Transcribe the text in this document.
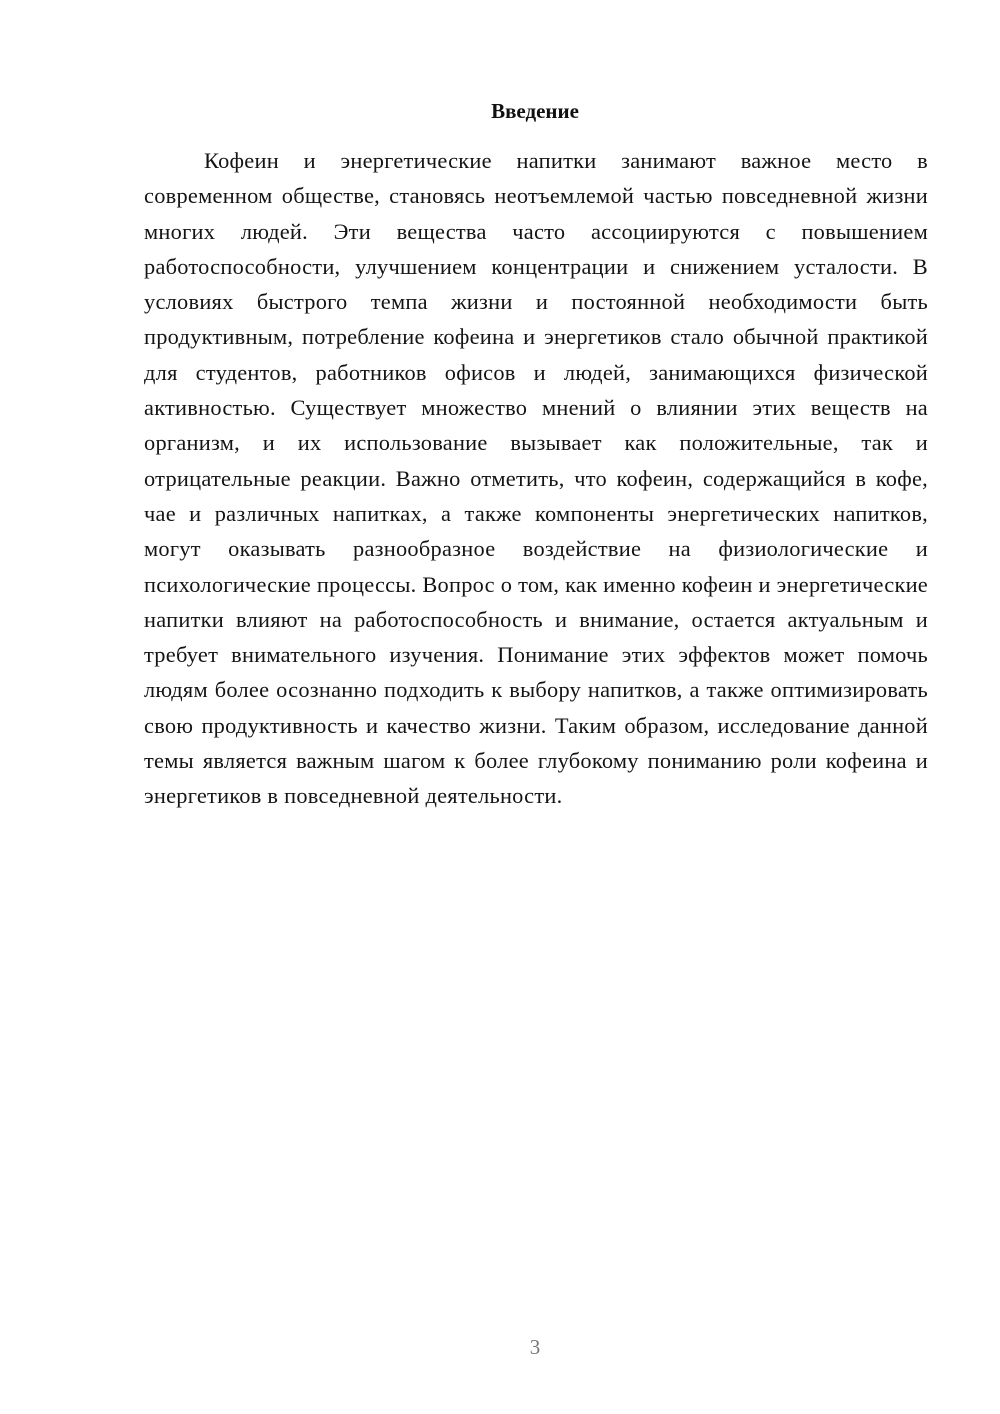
Введение

Кофеин и энергетические напитки занимают важное место в современном обществе, становясь неотъемлемой частью повседневной жизни многих людей. Эти вещества часто ассоциируются с повышением работоспособности, улучшением концентрации и снижением усталости. В условиях быстрого темпа жизни и постоянной необходимости быть продуктивным, потребление кофеина и энергетиков стало обычной практикой для студентов, работников офисов и людей, занимающихся физической активностью. Существует множество мнений о влиянии этих веществ на организм, и их использование вызывает как положительные, так и отрицательные реакции. Важно отметить, что кофеин, содержащийся в кофе, чае и различных напитках, а также компоненты энергетических напитков, могут оказывать разнообразное воздействие на физиологические и психологические процессы. Вопрос о том, как именно кофеин и энергетические напитки влияют на работоспособность и внимание, остается актуальным и требует внимательного изучения. Понимание этих эффектов может помочь людям более осознанно подходить к выбору напитков, а также оптимизировать свою продуктивность и качество жизни. Таким образом, исследование данной темы является важным шагом к более глубокому пониманию роли кофеина и энергетиков в повседневной деятельности.

3
